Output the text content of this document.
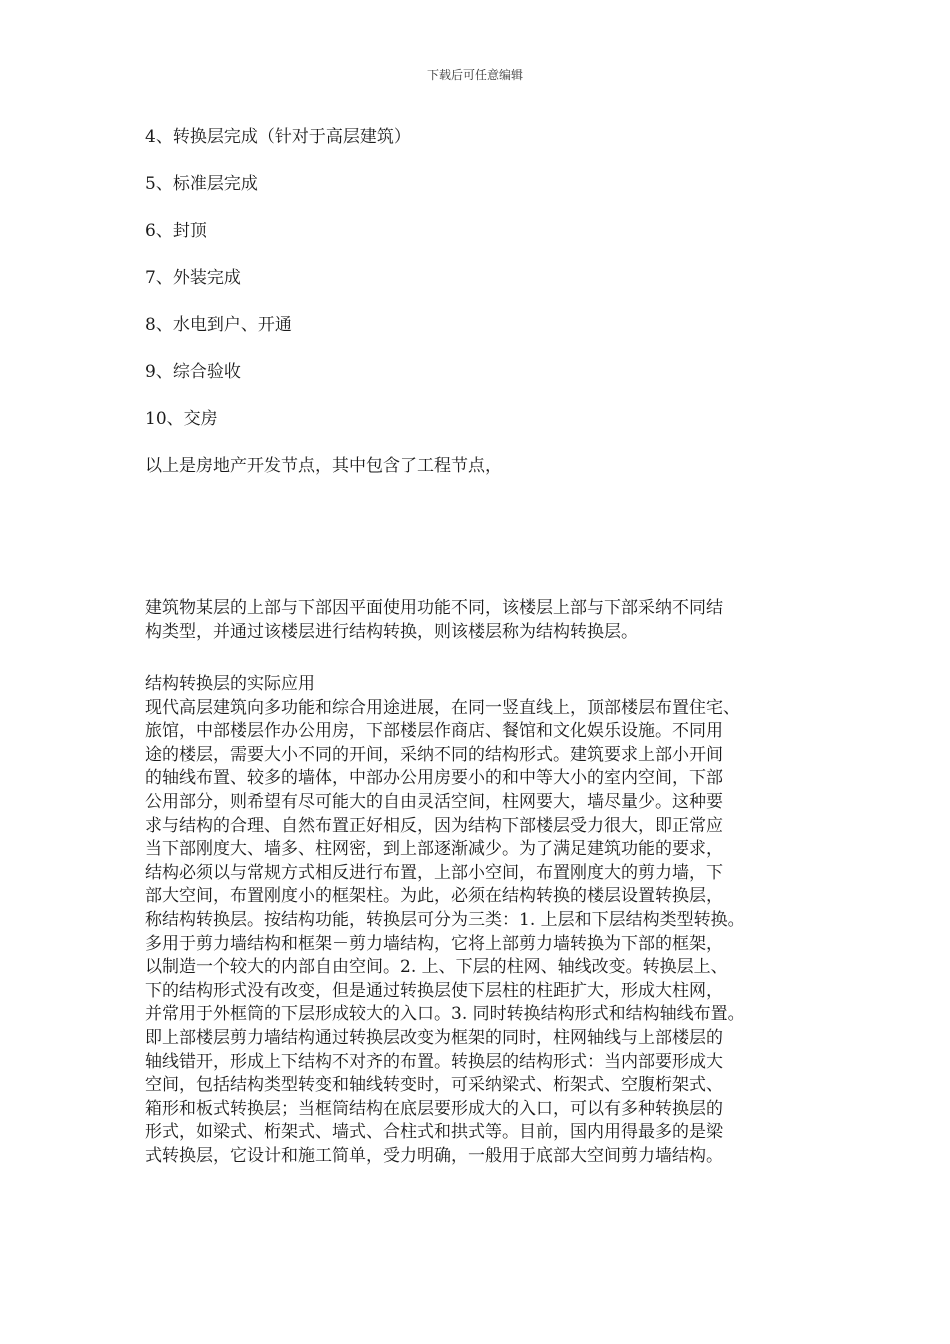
下载后可任意编辑
4、转换层完成（针对于高层建筑）
5、标准层完成
6、封顶
7、外装完成
8、水电到户、开通
9、综合验收
10、交房
以上是房地产开发节点，其中包含了工程节点，
建筑物某层的上部与下部因平面使用功能不同，该楼层上部与下部采纳不同结
构类型，并通过该楼层进行结构转换，则该楼层称为结构转换层。
结构转换层的实际应用
现代高层建筑向多功能和综合用途进展，在同一竖直线上，顶部楼层布置住宅、
旅馆，中部楼层作办公用房，下部楼层作商店、餐馆和文化娱乐设施。不同用
途的楼层，需要大小不同的开间，采纳不同的结构形式。建筑要求上部小开间
的轴线布置、较多的墙体，中部办公用房要小的和中等大小的室内空间，下部
公用部分，则希望有尽可能大的自由灵活空间，柱网要大，墙尽量少。这种要
求与结构的合理、自然布置正好相反，因为结构下部楼层受力很大，即正常应
当下部刚度大、墙多、柱网密，到上部逐渐减少。为了满足建筑功能的要求，
结构必须以与常规方式相反进行布置，上部小空间，布置刚度大的剪力墙，下
部大空间，布置刚度小的框架柱。为此，必须在结构转换的楼层设置转换层，
称结构转换层。按结构功能，转换层可分为三类：1. 上层和下层结构类型转换。
多用于剪力墙结构和框架－剪力墙结构，它将上部剪力墙转换为下部的框架，
以制造一个较大的内部自由空间。2. 上、下层的柱网、轴线改变。转换层上、
下的结构形式没有改变，但是通过转换层使下层柱的柱距扩大，形成大柱网，
并常用于外框筒的下层形成较大的入口。3. 同时转换结构形式和结构轴线布置。
即上部楼层剪力墙结构通过转换层改变为框架的同时，柱网轴线与上部楼层的
轴线错开，形成上下结构不对齐的布置。转换层的结构形式：当内部要形成大
空间，包括结构类型转变和轴线转变时，可采纳梁式、桁架式、空腹桁架式、
箱形和板式转换层；当框筒结构在底层要形成大的入口，可以有多种转换层的
形式，如梁式、桁架式、墙式、合柱式和拱式等。目前，国内用得最多的是梁
式转换层，它设计和施工简单，受力明确，一般用于底部大空间剪力墙结构。
